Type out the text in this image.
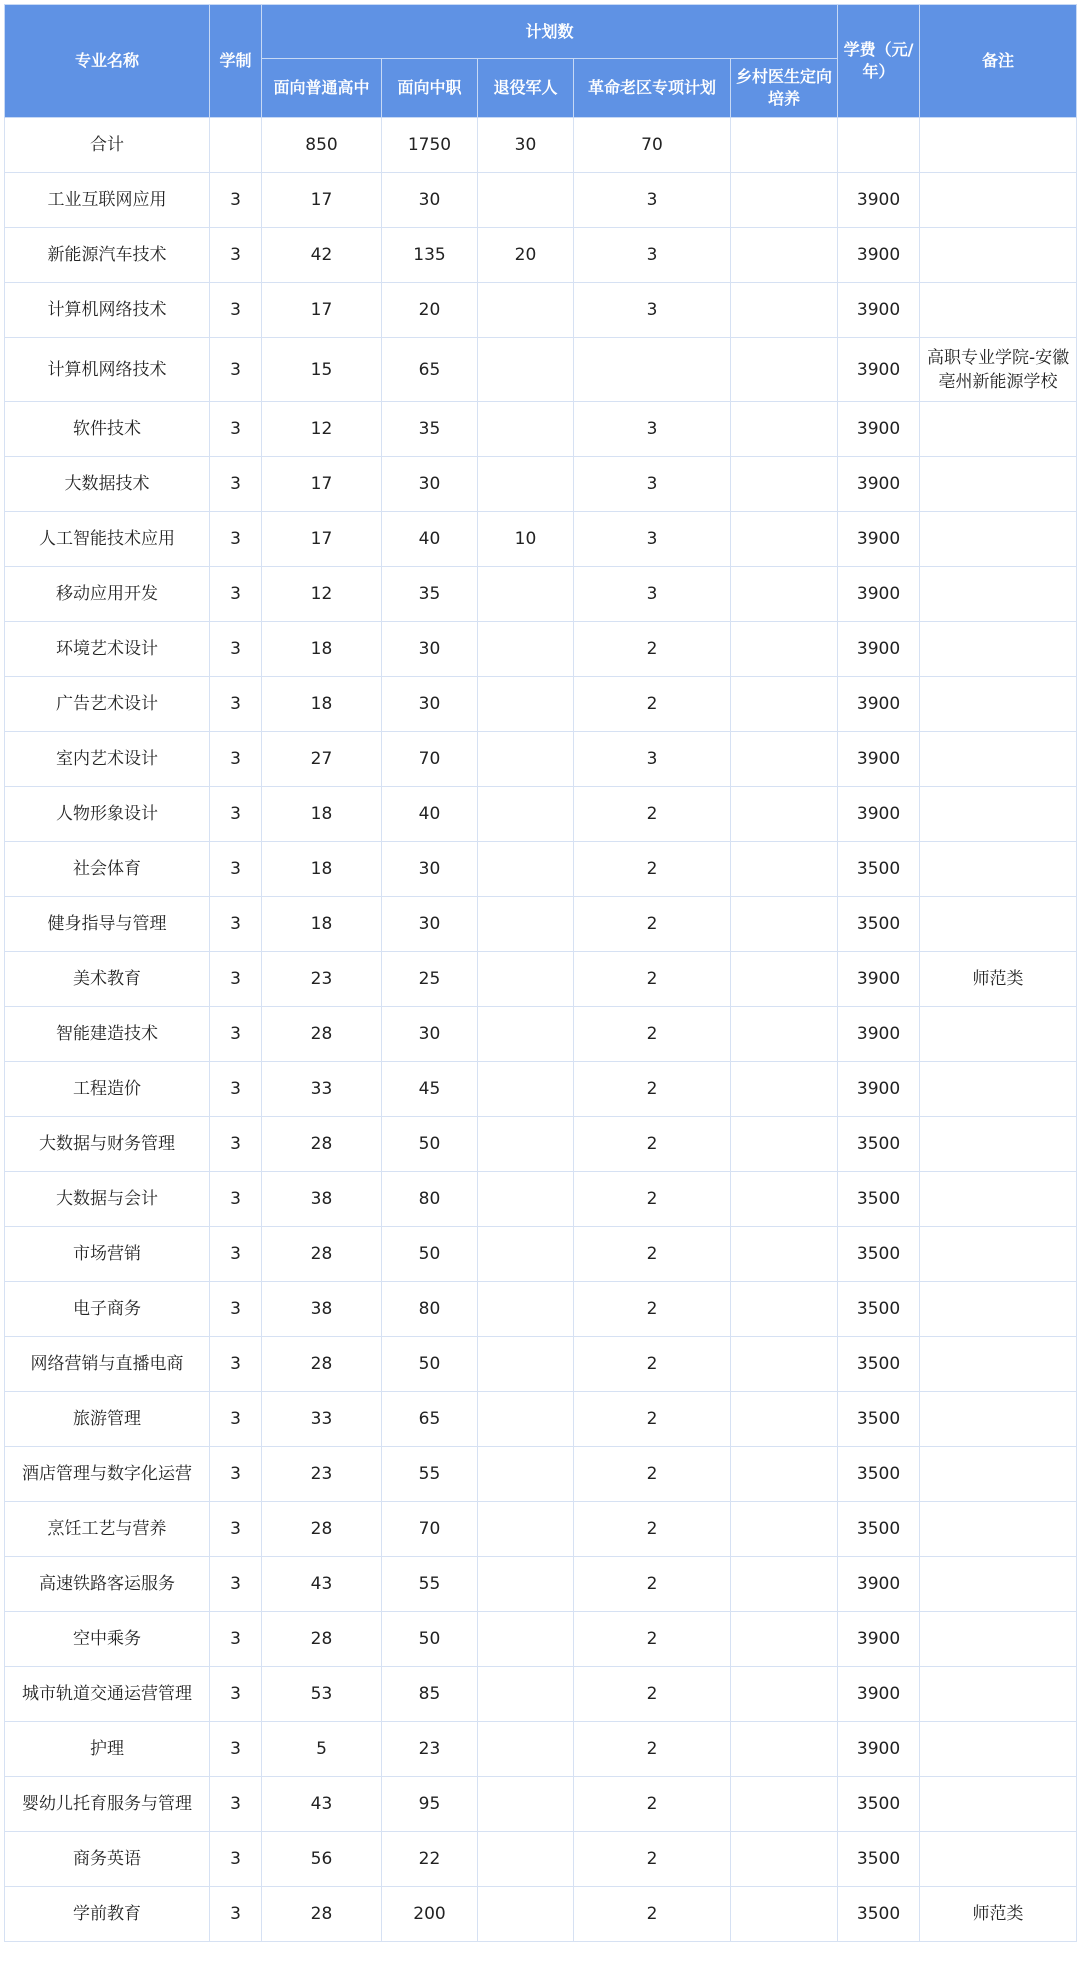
专业名称	学制	计划数					学费（元/年）	备注
		面向普通高中	面向中职	退役军人	革命老区专项计划	乡村医生定向培养		
合计		850	1750	30	70			
工业互联网应用	3	17	30		3		3900	
新能源汽车技术	3	42	135	20	3		3900	
计算机网络技术	3	17	20		3		3900	
计算机网络技术	3	15	65				3900	高职专业学院-安徽亳州新能源学校
软件技术	3	12	35		3		3900	
大数据技术	3	17	30		3		3900	
人工智能技术应用	3	17	40	10	3		3900	
移动应用开发	3	12	35		3		3900	
环境艺术设计	3	18	30		2		3900	
广告艺术设计	3	18	30		2		3900	
室内艺术设计	3	27	70		3		3900	
人物形象设计	3	18	40		2		3900	
社会体育	3	18	30		2		3500	
健身指导与管理	3	18	30		2		3500	
美术教育	3	23	25		2		3900	师范类
智能建造技术	3	28	30		2		3900	
工程造价	3	33	45		2		3900	
大数据与财务管理	3	28	50		2		3500	
大数据与会计	3	38	80		2		3500	
市场营销	3	28	50		2		3500	
电子商务	3	38	80		2		3500	
网络营销与直播电商	3	28	50		2		3500	
旅游管理	3	33	65		2		3500	
酒店管理与数字化运营	3	23	55		2		3500	
烹饪工艺与营养	3	28	70		2		3500	
高速铁路客运服务	3	43	55		2		3900	
空中乘务	3	28	50		2		3900	
城市轨道交通运营管理	3	53	85		2		3900	
护理	3	5	23		2		3900	
婴幼儿托育服务与管理	3	43	95		2		3500	
商务英语	3	56	22		2		3500	
学前教育	3	28	200		2		3500	师范类
